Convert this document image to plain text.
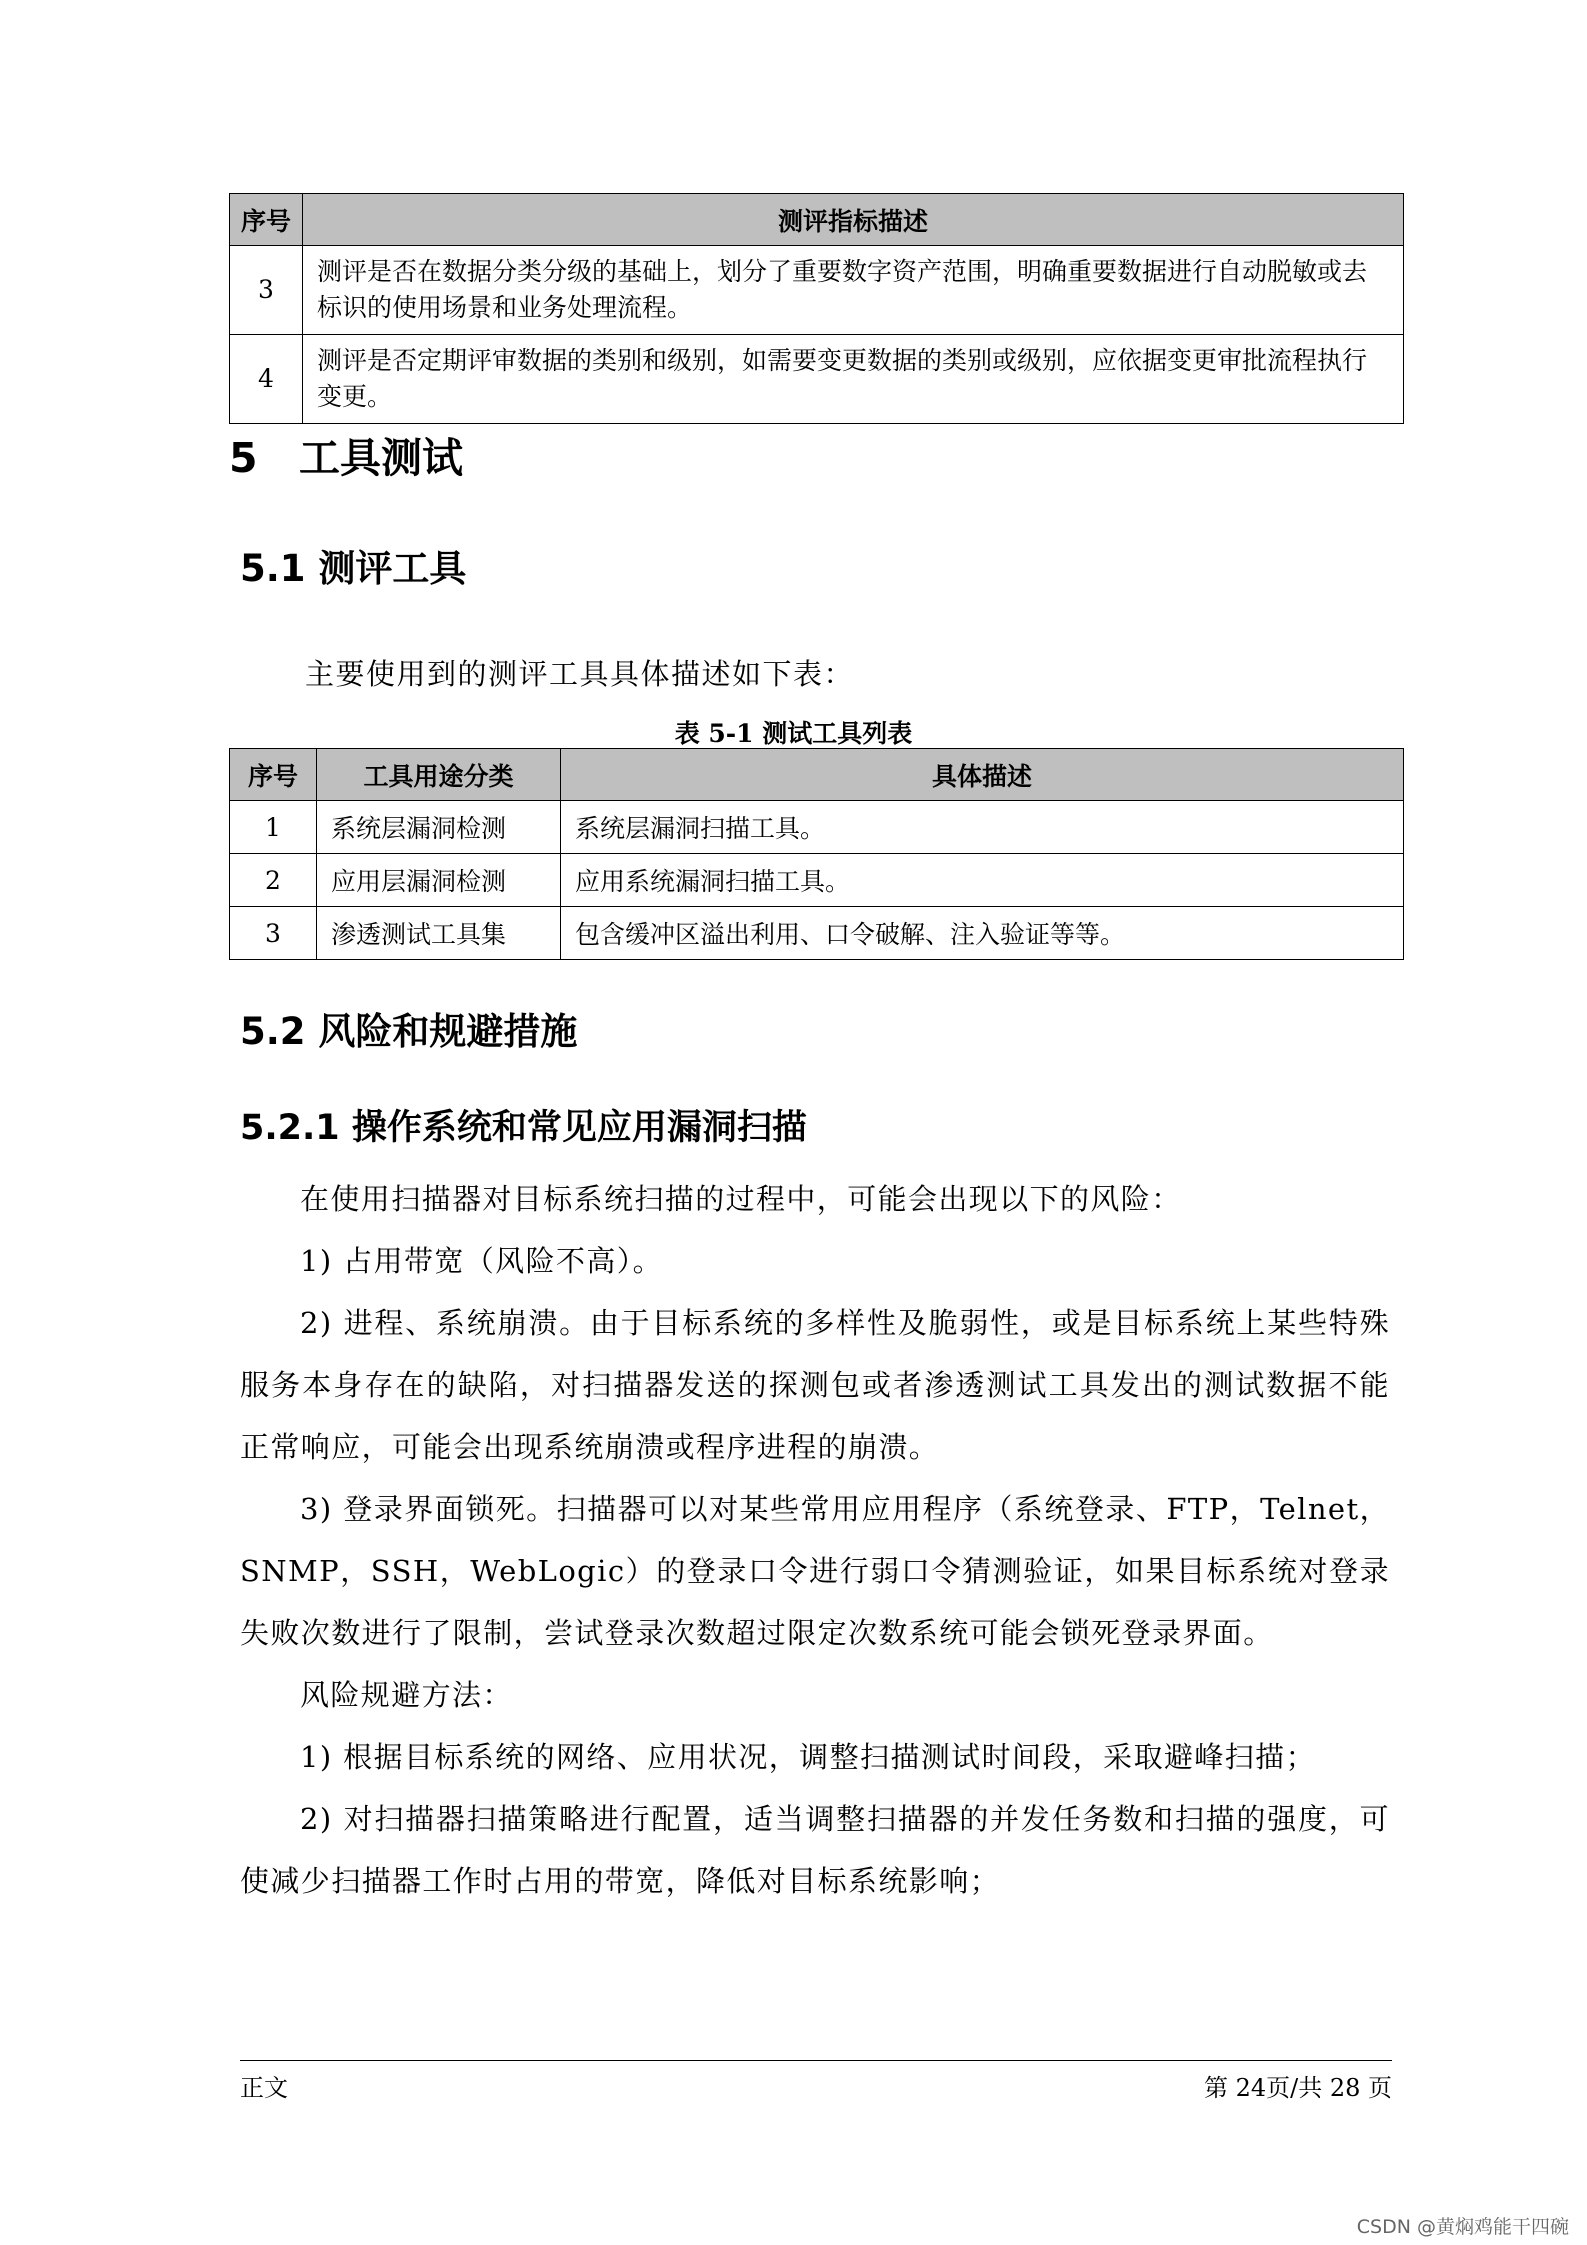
序号	测评指标描述
3	测评是否在数据分类分级的基础上，划分了重要数字资产范围，明确重要数据进行自动脱敏或去标识的使用场景和业务处理流程。
4	测评是否定期评审数据的类别和级别，如需要变更数据的类别或级别，应依据变更审批流程执行变更。
5 工具测试
5.1 测评工具
主要使用到的测评工具具体描述如下表：
表 5-1 测试工具列表
序号	工具用途分类	具体描述
1	系统层漏洞检测	系统层漏洞扫描工具。
2	应用层漏洞检测	应用系统漏洞扫描工具。
3	渗透测试工具集	包含缓冲区溢出利用、口令破解、注入验证等等。
5.2 风险和规避措施
5.2.1 操作系统和常见应用漏洞扫描
在使用扫描器对目标系统扫描的过程中，可能会出现以下的风险：
1) 占用带宽（风险不高）。
2) 进程、系统崩溃。由于目标系统的多样性及脆弱性，或是目标系统上某些特殊服务本身存在的缺陷，对扫描器发送的探测包或者渗透测试工具发出的测试数据不能正常响应，可能会出现系统崩溃或程序进程的崩溃。
3) 登录界面锁死。扫描器可以对某些常用应用程序（系统登录、FTP，Telnet，SNMP，SSH，WebLogic）的登录口令进行弱口令猜测验证，如果目标系统对登录失败次数进行了限制，尝试登录次数超过限定次数系统可能会锁死登录界面。
风险规避方法：
1) 根据目标系统的网络、应用状况，调整扫描测试时间段，采取避峰扫描；
2) 对扫描器扫描策略进行配置，适当调整扫描器的并发任务数和扫描的强度，可使减少扫描器工作时占用的带宽，降低对目标系统影响；
正文	第 24页/共 28 页
CSDN @黄焖鸡能干四碗
